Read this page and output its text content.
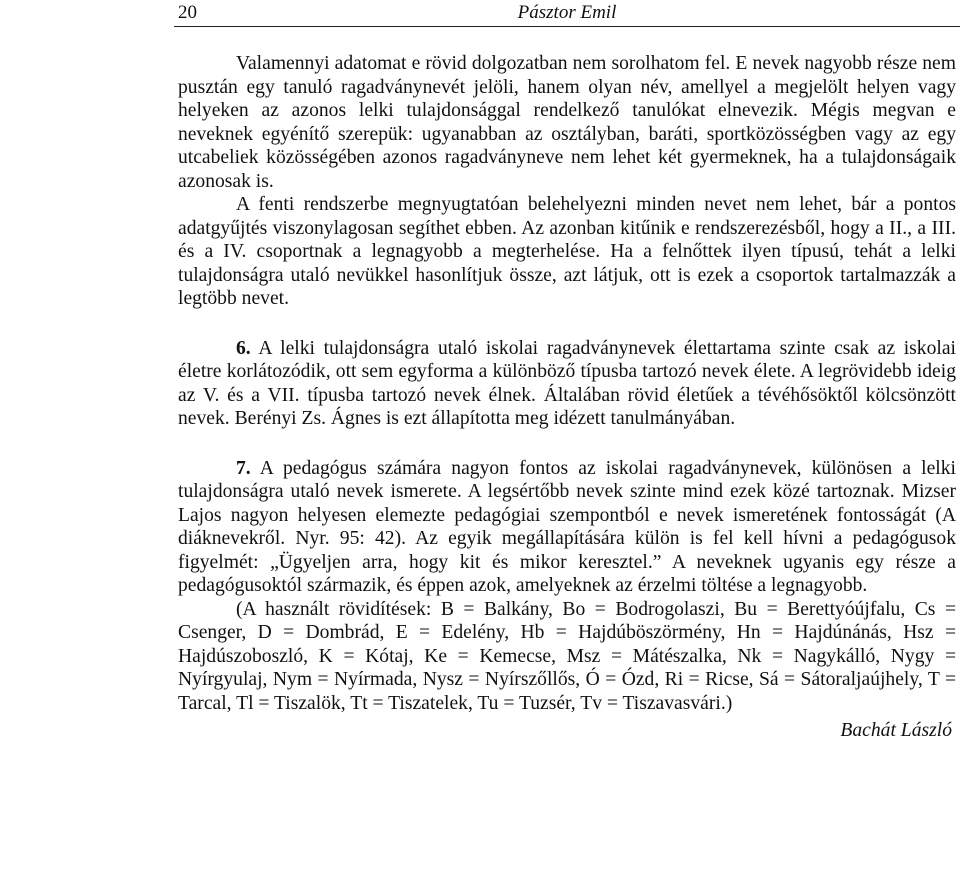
20	Pásztor Emil

Valamennyi adatomat e rövid dolgozatban nem sorolhatom fel. E nevek nagyobb része nem pusztán egy tanuló ragadványnevét jelöli, hanem olyan név, amellyel a megjelölt helyen vagy helyeken az azonos lelki tulajdonsággal rendelkező tanulókat elnevezik. Mégis megvan e neveknek egyénítő szerepük: ugyanabban az osztályban, baráti, sportközösségben vagy az egy utcabeliek közösségében azonos ragadványneve nem lehet két gyermeknek, ha a tulajdonságaik azonosak is.

A fenti rendszerbe megnyugtatóan belehelyezni minden nevet nem lehet, bár a pontos adatgyűjtés viszonylagosan segíthet ebben. Az azonban kitűnik e rendszerezésből, hogy a II., a III. és a IV. csoportnak a legnagyobb a megterhelése. Ha a felnőttek ilyen típusú, tehát a lelki tulajdonságra utaló nevükkel hasonlítjuk össze, azt látjuk, ott is ezek a csoportok tartalmazzák a legtöbb nevet.

6. A lelki tulajdonságra utaló iskolai ragadványnevek élettartama szinte csak az iskolai életre korlátozódik, ott sem egyforma a különböző típusba tartozó nevek élete. A legrövidebb ideig az V. és a VII. típusba tartozó nevek élnek. Általában rövid életűek a tévéhősöktől kölcsönzött nevek. Berényi Zs. Ágnes is ezt állapította meg idézett tanulmányában.

7. A pedagógus számára nagyon fontos az iskolai ragadványnevek, különösen a lelki tulajdonságra utaló nevek ismerete. A legsértőbb nevek szinte mind ezek közé tartoznak. Mizser Lajos nagyon helyesen elemezte pedagógiai szempontból e nevek ismeretének fontosságát (A diáknevekről. Nyr. 95: 42). Az egyik megállapítására külön is fel kell hívni a pedagógusok figyelmét: „Ügyeljen arra, hogy kit és mikor keresztel.” A neveknek ugyanis egy része a pedagógusoktól származik, és éppen azok, amelyeknek az érzelmi töltése a legnagyobb.

(A használt rövidítések: B = Balkány, Bo = Bodrogolaszi, Bu = Berettyóújfalu, Cs = Csenger, D = Dombrád, E = Edelény, Hb = Hajdúböszörmény, Hn = Hajdúnánás, Hsz = Hajdúszoboszló, K = Kótaj, Ke = Kemecse, Msz = Mátészalka, Nk = Nagykálló, Nygy = Nyírgyulaj, Nym = Nyírmada, Nysz = Nyírszőllős, Ó = Ózd, Ri = Ricse, Sá = Sátoraljaújhely, T = Tarcal, Tl = Tiszalök, Tt = Tiszatelek, Tu = Tuzsér, Tv = Tiszavasvári.)

Bachát László
